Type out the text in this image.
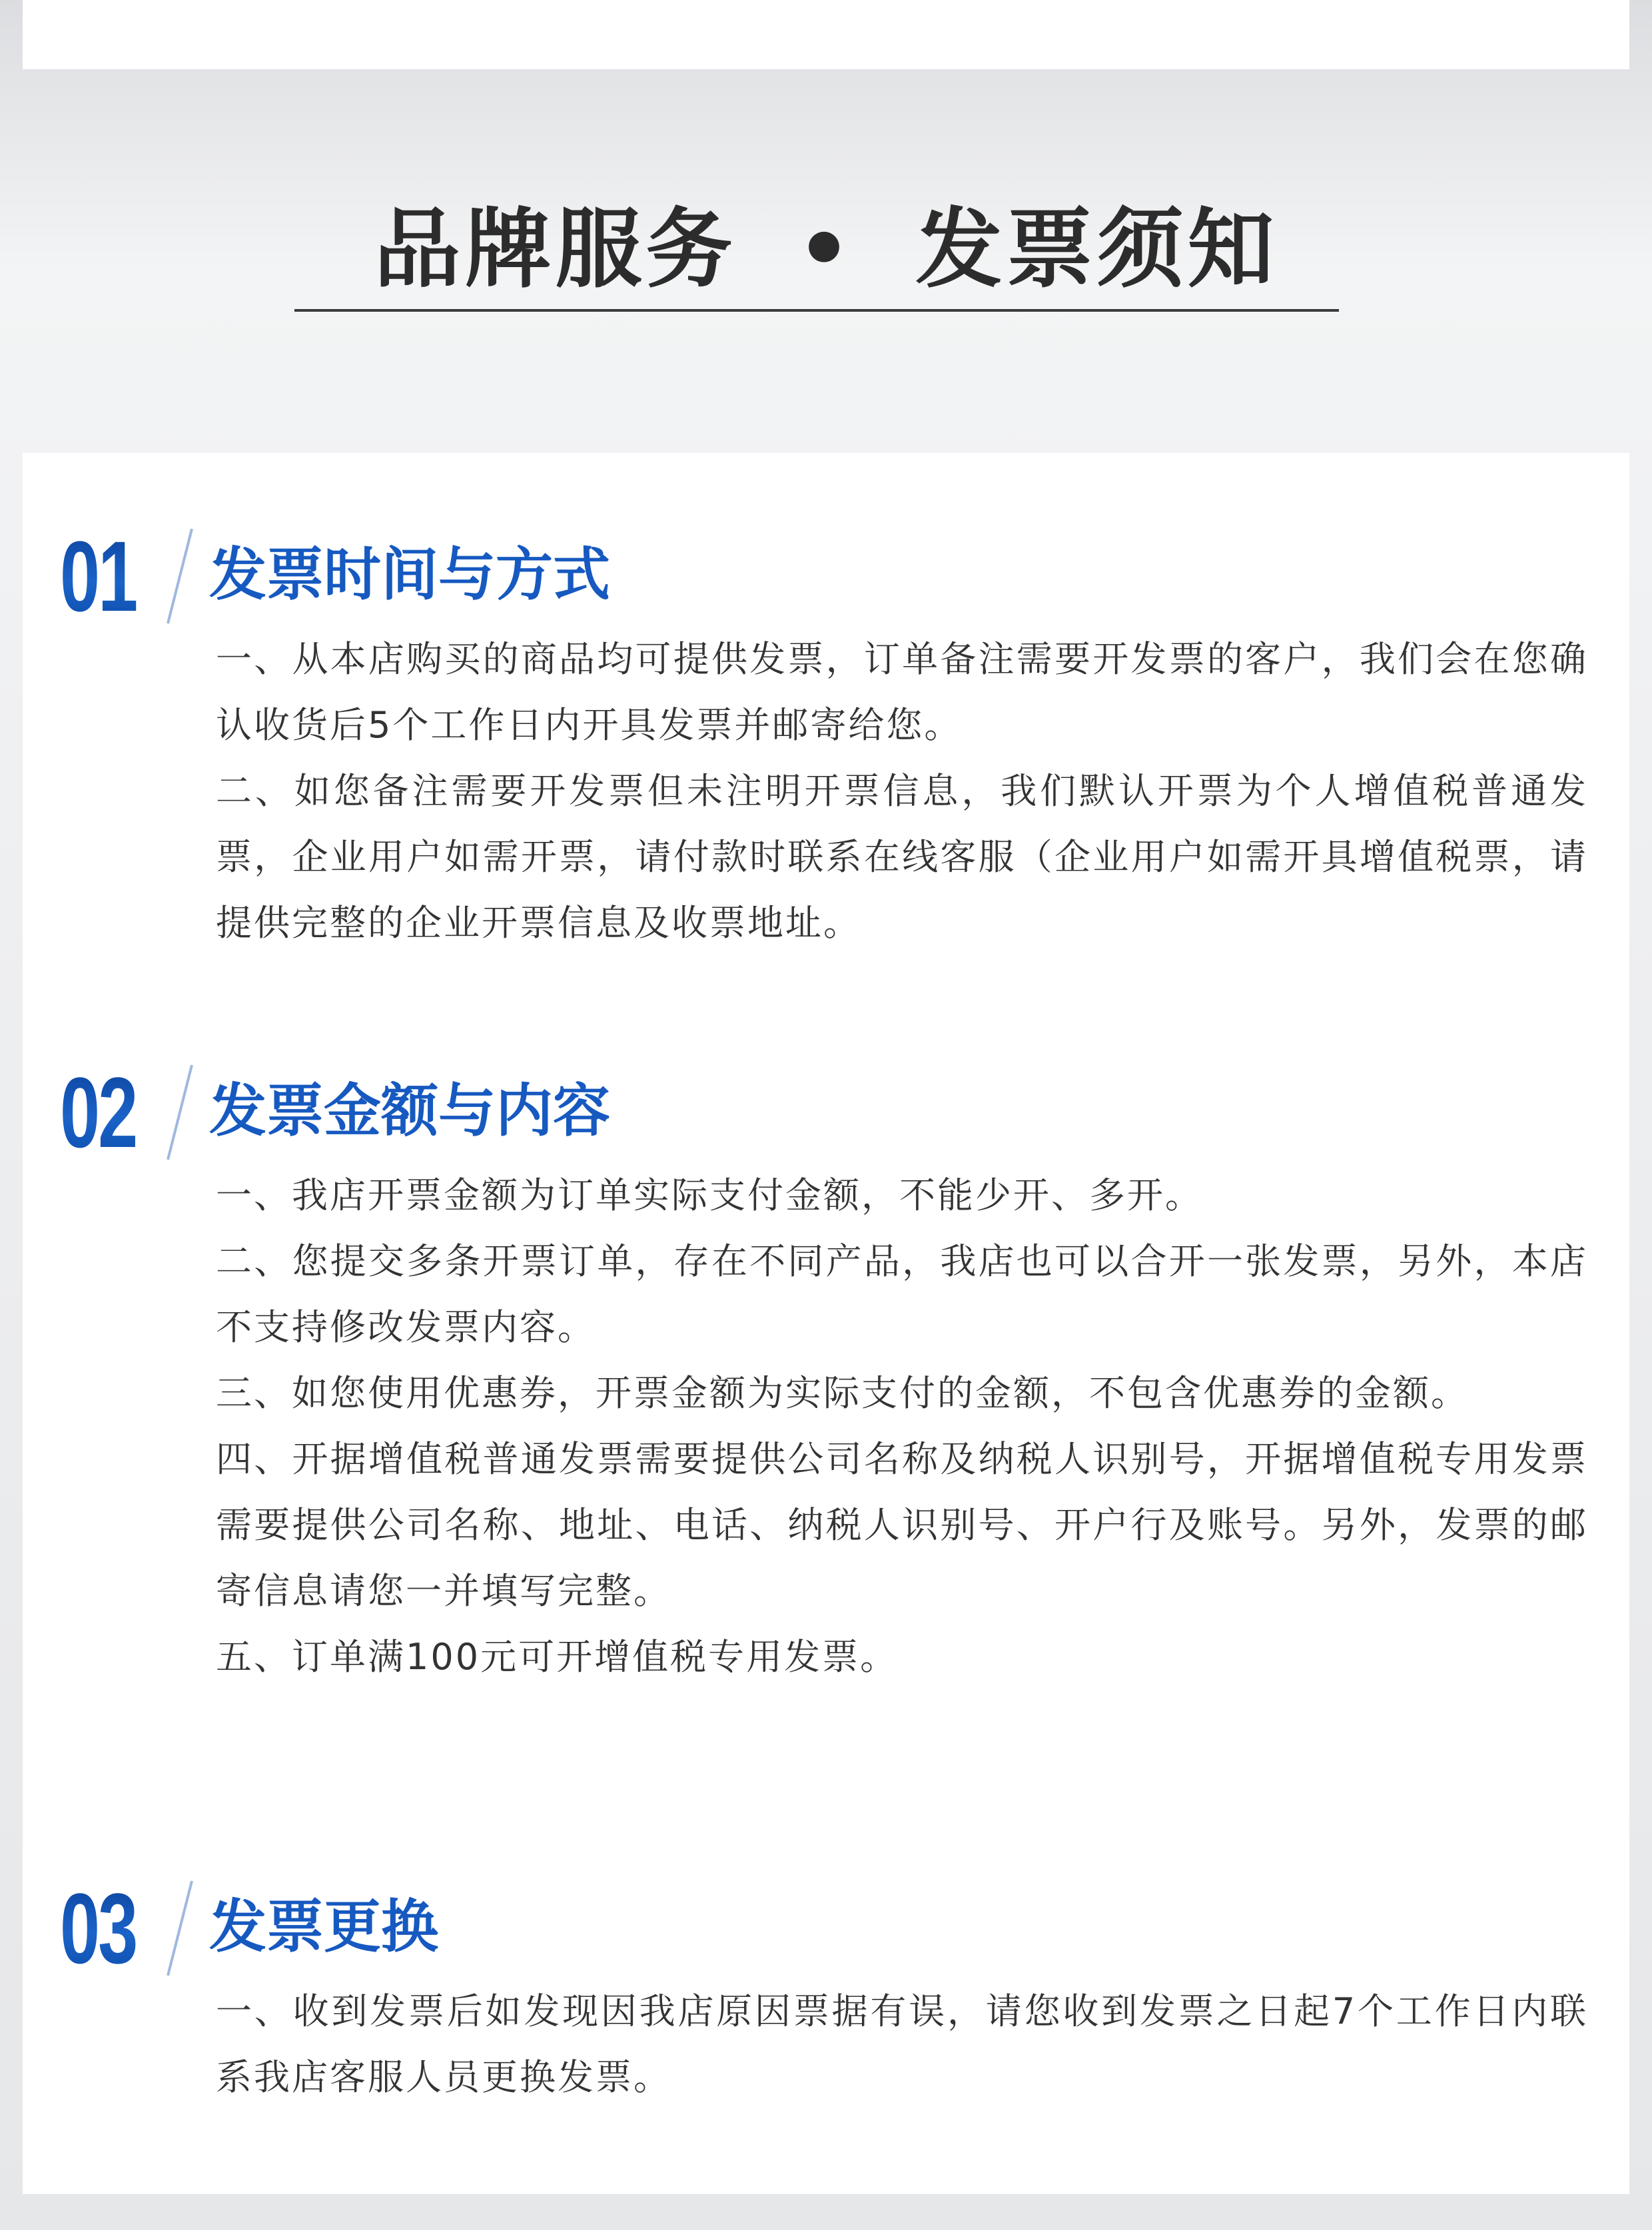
品牌服务 • 发票须知
01 发票时间与方式

一、从本店购买的商品均可提供发票，订单备注需要开发票的客户，我们会在您确认收货后5个工作日内开具发票并邮寄给您。

二、如您备注需要开发票但未注明开票信息，我们默认开票为个人增值税普通发票，企业用户如需开票，请付款时联系在线客服（企业用户如需开具增值税票，请提供完整的企业开票信息及收票地址。

02 发票金额与内容

一、我店开票金额为订单实际支付金额，不能少开、多开。

二、您提交多条开票订单，存在不同产品，我店也可以合开一张发票，另外，本店不支持修改发票内容。

三、如您使用优惠券，开票金额为实际支付的金额，不包含优惠券的金额。

四、开据增值税普通发票需要提供公司名称及纳税人识别号，开据增值税专用发票需要提供公司名称、地址、电话、纳税人识别号、开户行及账号。另外，发票的邮寄信息请您一并填写完整。

五、订单满100元可开增值税专用发票。

03 发票更换

一、收到发票后如发现因我店原因票据有误，请您收到发票之日起7个工作日内联系我店客服人员更换发票。
